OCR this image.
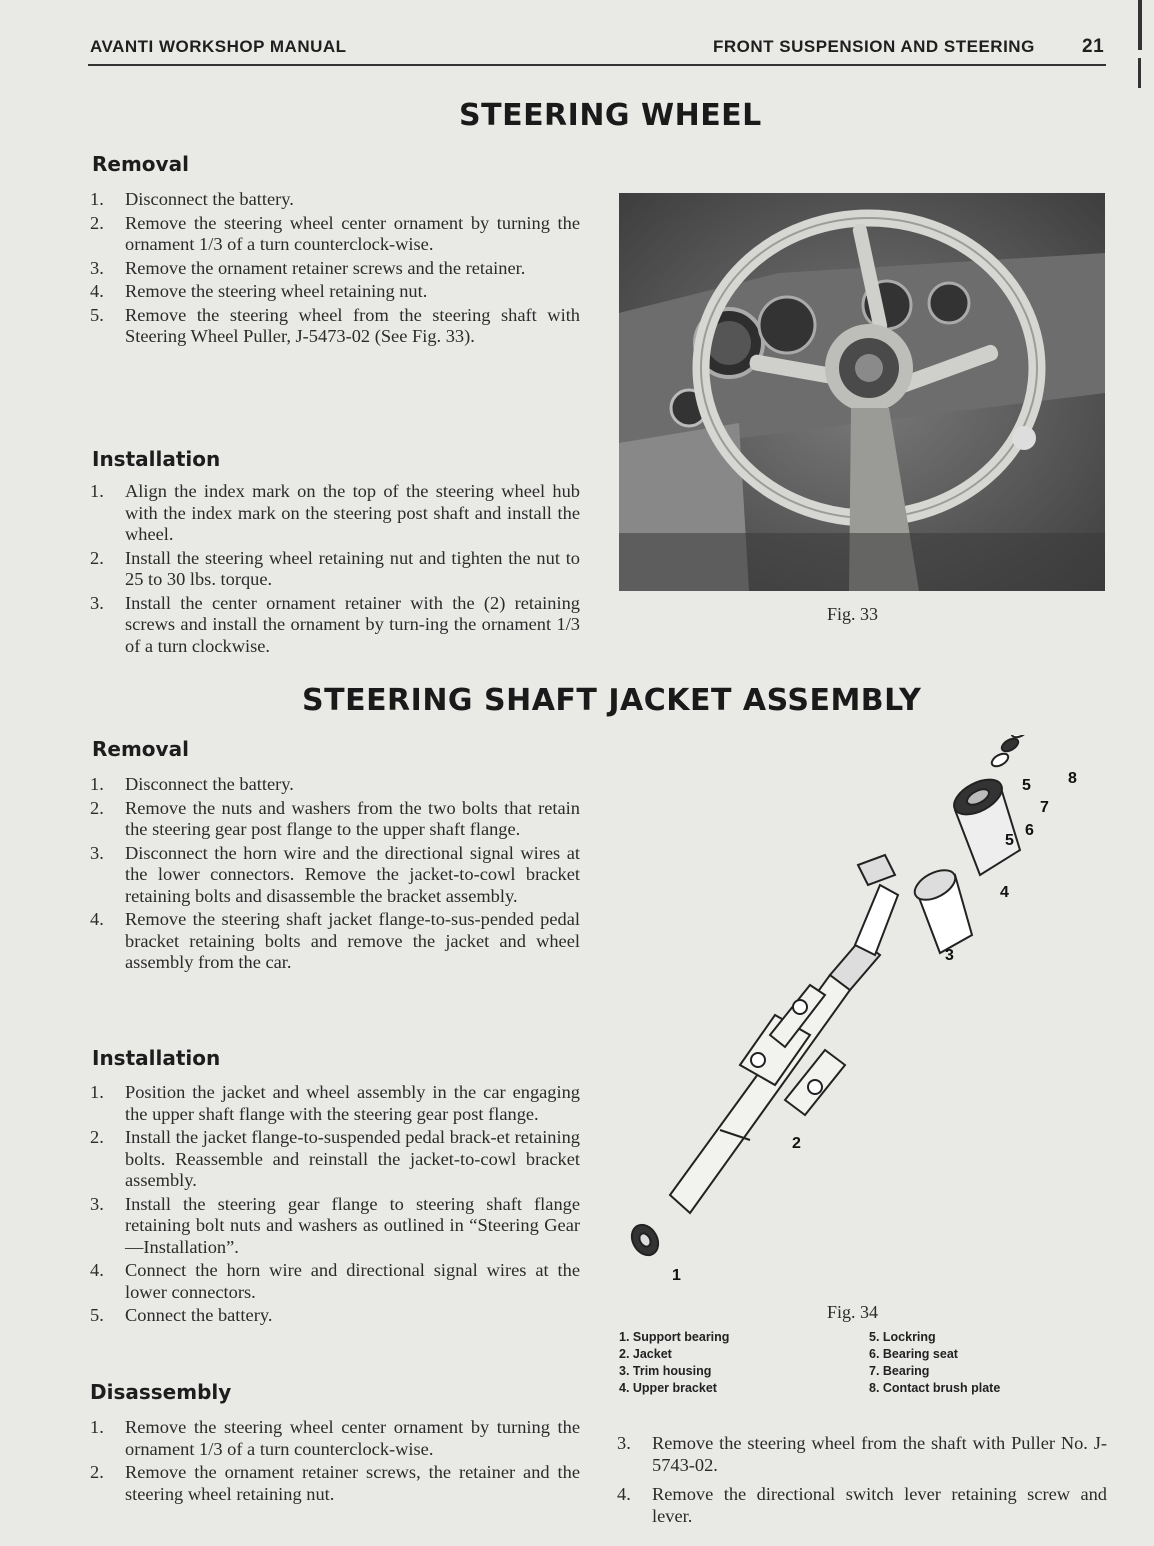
AVANTI WORKSHOP MANUAL	FRONT SUSPENSION AND STEERING 21
STEERING WHEEL
Removal
1. Disconnect the battery.
2. Remove the steering wheel center ornament by turning the ornament 1/3 of a turn counterclock-wise.
3. Remove the ornament retainer screws and the retainer.
4. Remove the steering wheel retaining nut.
5. Remove the steering wheel from the steering shaft with Steering Wheel Puller, J-5473-02 (See Fig. 33).
Installation
1. Align the index mark on the top of the steering wheel hub with the index mark on the steering post shaft and install the wheel.
2. Install the steering wheel retaining nut and tighten the nut to 25 to 30 lbs. torque.
3. Install the center ornament retainer with the (2) retaining screws and install the ornament by turn-ing the ornament 1/3 of a turn clockwise.
Fig. 33
STEERING SHAFT JACKET ASSEMBLY
Removal
1. Disconnect the battery.
2. Remove the nuts and washers from the two bolts that retain the steering gear post flange to the upper shaft flange.
3. Disconnect the horn wire and the directional signal wires at the lower connectors. Remove the jacket-to-cowl bracket retaining bolts and disassemble the bracket assembly.
4. Remove the steering shaft jacket flange-to-sus-pended pedal bracket retaining bolts and remove the jacket and wheel assembly from the car.
Installation
1. Position the jacket and wheel assembly in the car engaging the upper shaft flange with the steering gear post flange.
2. Install the jacket flange-to-suspended pedal brack-et retaining bolts. Reassemble and reinstall the jacket-to-cowl bracket assembly.
3. Install the steering gear flange to steering shaft flange retaining bolt nuts and washers as outlined in “Steering Gear—Installation”.
4. Connect the horn wire and directional signal wires at the lower connectors.
5. Connect the battery.
Disassembly
1. Remove the steering wheel center ornament by turning the ornament 1/3 of a turn counterclock-wise.
2. Remove the ornament retainer screws, the retainer and the steering wheel retaining nut.
3. Remove the steering wheel from the shaft with Puller No. J-5743-02.
4. Remove the directional switch lever retaining screw and lever.
1
2
3
4
5
6
5
7
8
Fig. 34
1. Support bearing
2. Jacket
3. Trim housing
4. Upper bracket
5. Lockring
6. Bearing seat
7. Bearing
8. Contact brush plate
